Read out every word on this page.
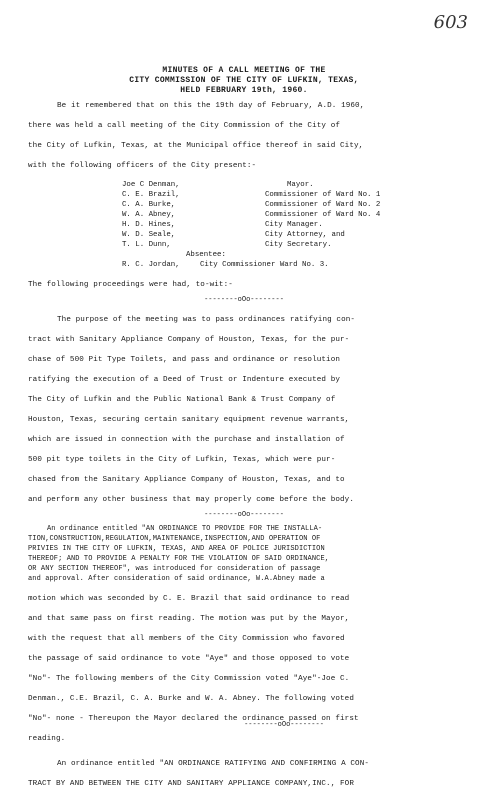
603
MINUTES OF A CALL MEETING OF THE
CITY COMMISSION OF THE CITY OF LUFKIN, TEXAS,
HELD FEBRUARY 19th, 1960.
Be it remembered that on this the 19th day of February, A.D. 1960,
there was held a call meeting of the City Commission of the City of
the City of Lufkin, Texas, at the Municipal office thereof in said City,
with the following officers of the City present:-
Joe C Denman,	Mayor.
C. E. Brazil,	Commissioner of Ward No. 1
C. A. Burke,	Commissioner of Ward No. 2
W. A. Abney,	Commissioner of Ward No. 4
H. D. Hines,	City Manager.
W. D. Seale,	City Attorney, and
T. L. Dunn,	City Secretary.
Absentee:
R. C. Jordan,	City Commissioner Ward No. 3.
The following proceedings were had, to-wit:-
--------oOo--------
The purpose of the meeting was to pass ordinances ratifying con-
tract with Sanitary Appliance Company of Houston, Texas, for the pur-
chase of 500 Pit Type Toilets, and pass and ordinance or resolution
ratifying the execution of a Deed of Trust or Indenture executed by
The City of Lufkin and the Public National Bank & Trust Company of
Houston, Texas, securing certain sanitary equipment revenue warrants,
which are issued in connection with the purchase and installation of
500 pit type toilets in the City of Lufkin, Texas, which were pur-
chased from the Sanitary Appliance Company of Houston, Texas, and to
and perform any other business that may properly come before the body.
--------oOo--------
An ordinance entitled "AN ORDINANCE TO PROVIDE FOR THE INSTALLA-
TION,CONSTRUCTION,REGULATION,MAINTENANCE,INSPECTION,AND OPERATION OF
PRIVIES IN THE CITY OF LUFKIN, TEXAS, AND AREA OF POLICE JURISDICTION
THEREOF; AND TO PROVIDE A PENALTY FOR THE VIOLATION OF SAID ORDINANCE,
OR ANY SECTION THEREOF", was introduced for consideration of passage
and approval. After consideration of said ordinance, W.A.Abney made a
motion which was seconded by C. E. Brazil that said ordinance to read
and that same pass on first reading. The motion was put by the Mayor,
with the request that all members of the City Commission who favored
the passage of said ordinance to vote "Aye" and those opposed to vote
"No"- The following members of the City Commission voted "Aye"-Joe C.
Denman., C.E. Brazil, C. A. Burke and W. A. Abney. The following voted
"No"- none - Thereupon the Mayor declared the ordinance passed on first
reading.
--------oOo--------
An ordinance entitled "AN ORDINANCE RATIFYING AND CONFIRMING A CON-
TRACT BY AND BETWEEN THE CITY AND SANITARY APPLIANCE COMPANY,INC., FOR
